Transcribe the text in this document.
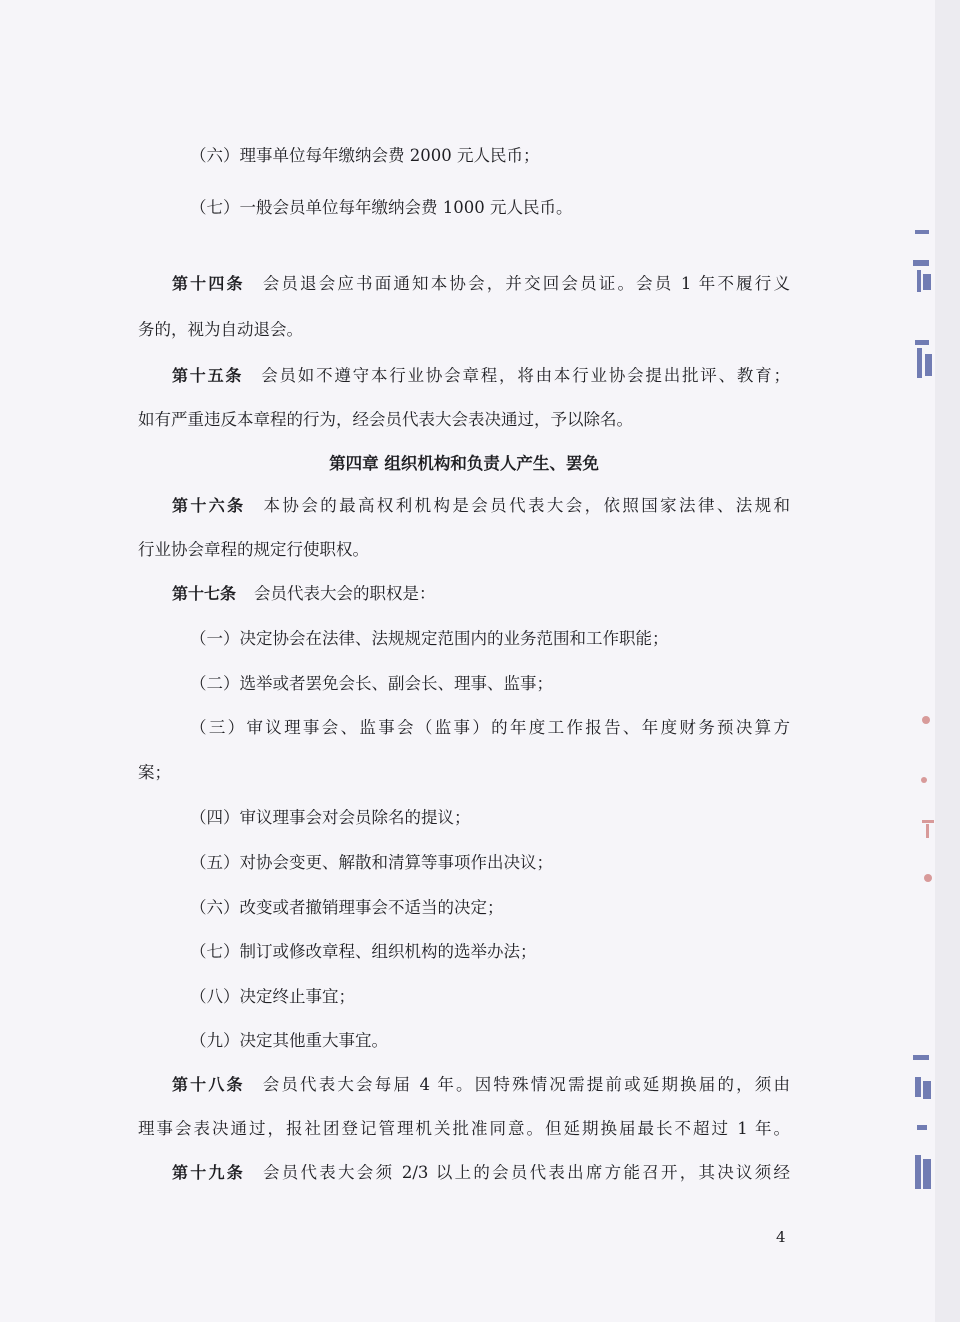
（六）理事单位每年缴纳会费 2000 元人民币；
（七）一般会员单位每年缴纳会费 1000 元人民币。
第十四条 会员退会应书面通知本协会，并交回会员证。会员 1 年不履行义
务的，视为自动退会。
第十五条 会员如不遵守本行业协会章程，将由本行业协会提出批评、教育；
如有严重违反本章程的行为，经会员代表大会表决通过，予以除名。
第四章 组织机构和负责人产生、罢免
第十六条 本协会的最高权利机构是会员代表大会，依照国家法律、法规和
行业协会章程的规定行使职权。
第十七条 会员代表大会的职权是：
（一）决定协会在法律、法规规定范围内的业务范围和工作职能；
（二）选举或者罢免会长、副会长、理事、监事；
（三）审议理事会、监事会（监事）的年度工作报告、年度财务预决算方
案；
（四）审议理事会对会员除名的提议；
（五）对协会变更、解散和清算等事项作出决议；
（六）改变或者撤销理事会不适当的决定；
（七）制订或修改章程、组织机构的选举办法；
（八）决定终止事宜；
（九）决定其他重大事宜。
第十八条 会员代表大会每届 4 年。因特殊情况需提前或延期换届的，须由
理事会表决通过，报社团登记管理机关批准同意。但延期换届最长不超过 1 年。
第十九条 会员代表大会须 2/3 以上的会员代表出席方能召开，其决议须经
4
